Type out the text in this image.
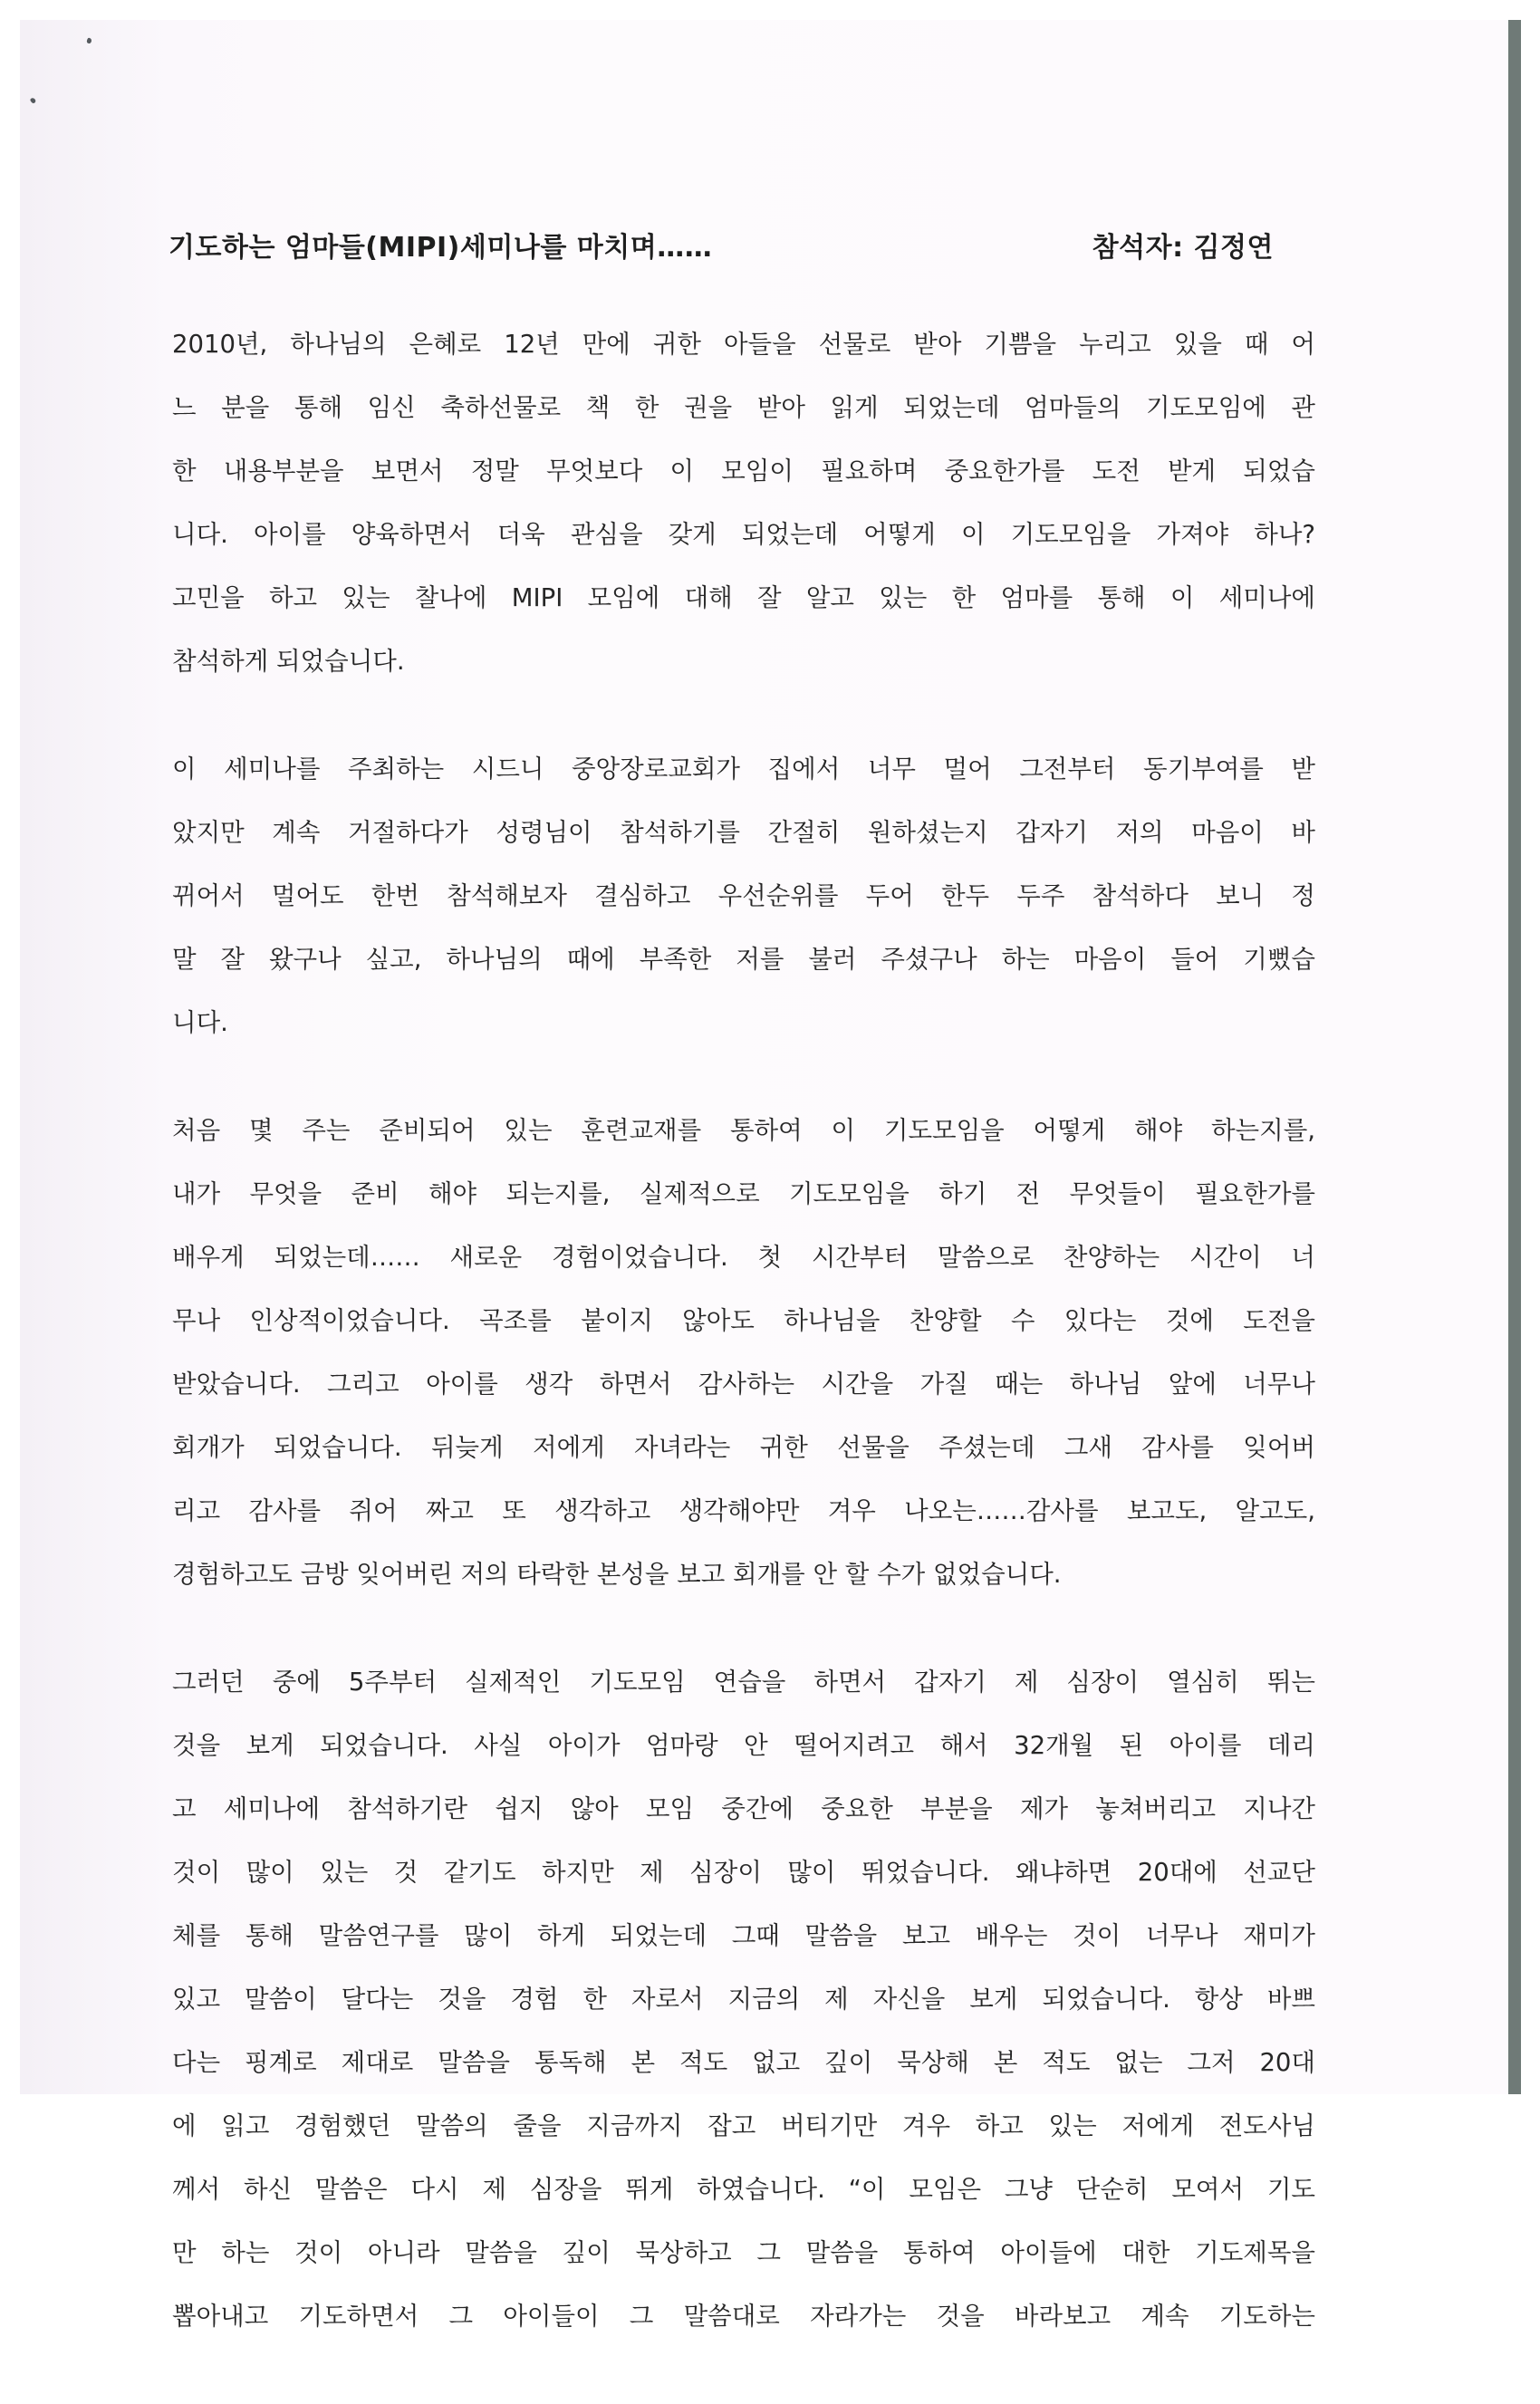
기도하는 엄마들(MIPI)세미나를 마치며……	참석자: 김정연
2010년, 하나님의 은혜로 12년 만에 귀한 아들을 선물로 받아 기쁨을 누리고 있을 때 어
느 분을 통해 임신 축하선물로 책 한 권을 받아 읽게 되었는데 엄마들의 기도모임에 관
한 내용부분을 보면서 정말 무엇보다 이 모임이 필요하며 중요한가를 도전 받게 되었습
니다. 아이를 양육하면서 더욱 관심을 갖게 되었는데 어떻게 이 기도모임을 가져야 하나?
고민을 하고 있는 찰나에 MIPI 모임에 대해 잘 알고 있는 한 엄마를 통해 이 세미나에
참석하게 되었습니다.
이 세미나를 주최하는 시드니 중앙장로교회가 집에서 너무 멀어 그전부터 동기부여를 받
았지만 계속 거절하다가 성령님이 참석하기를 간절히 원하셨는지 갑자기 저의 마음이 바
뀌어서 멀어도 한번 참석해보자 결심하고 우선순위를 두어 한두 두주 참석하다 보니 정
말 잘 왔구나 싶고, 하나님의 때에 부족한 저를 불러 주셨구나 하는 마음이 들어 기뻤습
니다.
처음 몇 주는 준비되어 있는 훈련교재를 통하여 이 기도모임을 어떻게 해야 하는지를,
내가 무엇을 준비 해야 되는지를, 실제적으로 기도모임을 하기 전 무엇들이 필요한가를
배우게 되었는데…… 새로운 경험이었습니다. 첫 시간부터 말씀으로 찬양하는 시간이 너
무나 인상적이었습니다. 곡조를 붙이지 않아도 하나님을 찬양할 수 있다는 것에 도전을
받았습니다. 그리고 아이를 생각 하면서 감사하는 시간을 가질 때는 하나님 앞에 너무나
회개가 되었습니다. 뒤늦게 저에게 자녀라는 귀한 선물을 주셨는데 그새 감사를 잊어버
리고 감사를 쥐어 짜고 또 생각하고 생각해야만 겨우 나오는……감사를 보고도, 알고도,
경험하고도 금방 잊어버린 저의 타락한 본성을 보고 회개를 안 할 수가 없었습니다.
그러던 중에 5주부터 실제적인 기도모임 연습을 하면서 갑자기 제 심장이 열심히 뛰는
것을 보게 되었습니다. 사실 아이가 엄마랑 안 떨어지려고 해서 32개월 된 아이를 데리
고 세미나에 참석하기란 쉽지 않아 모임 중간에 중요한 부분을 제가 놓쳐버리고 지나간
것이 많이 있는 것 같기도 하지만 제 심장이 많이 뛰었습니다. 왜냐하면 20대에 선교단
체를 통해 말씀연구를 많이 하게 되었는데 그때 말씀을 보고 배우는 것이 너무나 재미가
있고 말씀이 달다는 것을 경험 한 자로서 지금의 제 자신을 보게 되었습니다. 항상 바쁘
다는 핑계로 제대로 말씀을 통독해 본 적도 없고 깊이 묵상해 본 적도 없는 그저 20대
에 읽고 경험했던 말씀의 줄을 지금까지 잡고 버티기만 겨우 하고 있는 저에게 전도사님
께서 하신 말씀은 다시 제 심장을 뛰게 하였습니다. “이 모임은 그냥 단순히 모여서 기도
만 하는 것이 아니라 말씀을 깊이 묵상하고 그 말씀을 통하여 아이들에 대한 기도제목을
뽑아내고 기도하면서 그 아이들이 그 말씀대로 자라가는 것을 바라보고 계속 기도하는
